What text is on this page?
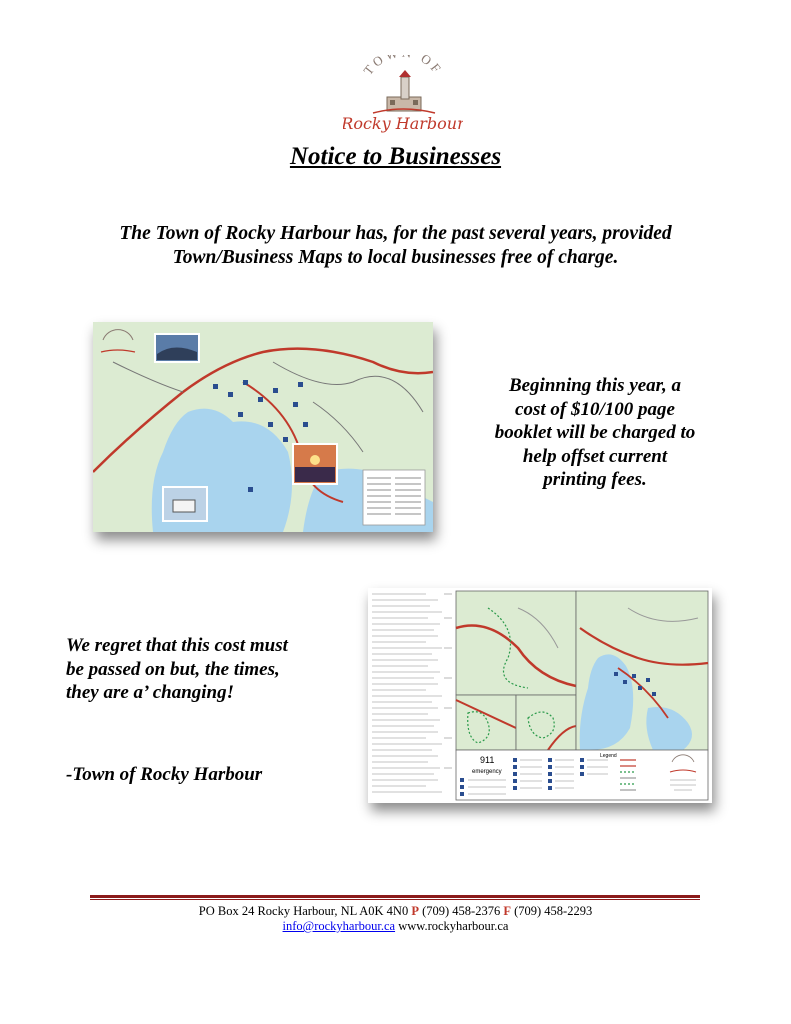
TO OF
Rocky Harbour
Notice to Businesses
The Town of Rocky Harbour has, for the past several years, provided
Town/Business Maps to local businesses free of charge.
Beginning this year, a
cost of $10/100 page
booklet will be charged to
help offset current
printing fees.
911
emergency
Legend
We regret that this cost must
be passed on but, the times,
they are a’ changing!
-Town of Rocky Harbour
PO Box 24 Rocky Harbour, NL A0K 4N0 P (709) 458-2376 F (709) 458-2293
info@rockyharbour.ca www.rockyharbour.ca
